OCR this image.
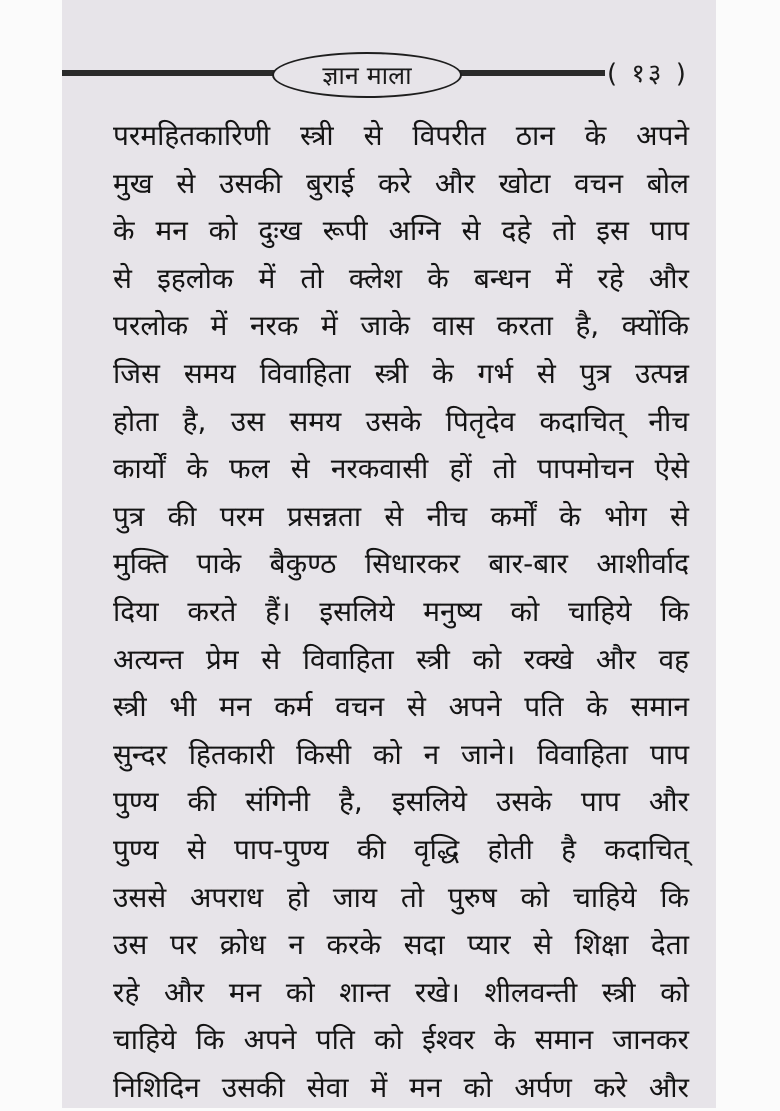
ज्ञान माला	( १३ )
परमहितकारिणी स्त्री से विपरीत ठान के अपने
मुख से उसकी बुराई करे और खोटा वचन बोल
के मन को दुःख रूपी अग्नि से दहे तो इस पाप
से इहलोक में तो क्लेश के बन्धन में रहे और
परलोक में नरक में जाके वास करता है, क्योंकि
जिस समय विवाहिता स्त्री के गर्भ से पुत्र उत्पन्न
होता है, उस समय उसके पितृदेव कदाचित् नीच
कार्यों के फल से नरकवासी हों तो पापमोचन ऐसे
पुत्र की परम प्रसन्नता से नीच कर्मों के भोग से
मुक्ति पाके बैकुण्ठ सिधारकर बार-बार आशीर्वाद
दिया करते हैं। इसलिये मनुष्य को चाहिये कि
अत्यन्त प्रेम से विवाहिता स्त्री को रक्खे और वह
स्त्री भी मन कर्म वचन से अपने पति के समान
सुन्दर हितकारी किसी को न जाने। विवाहिता पाप
पुण्य की संगिनी है, इसलिये उसके पाप और
पुण्य से पाप-पुण्य की वृद्धि होती है कदाचित्
उससे अपराध हो जाय तो पुरुष को चाहिये कि
उस पर क्रोध न करके सदा प्यार से शिक्षा देता
रहे और मन को शान्त रखे। शीलवन्ती स्त्री को
चाहिये कि अपने पति को ईश्वर के समान जानकर
निशिदिन उसकी सेवा में मन को अर्पण करे और
